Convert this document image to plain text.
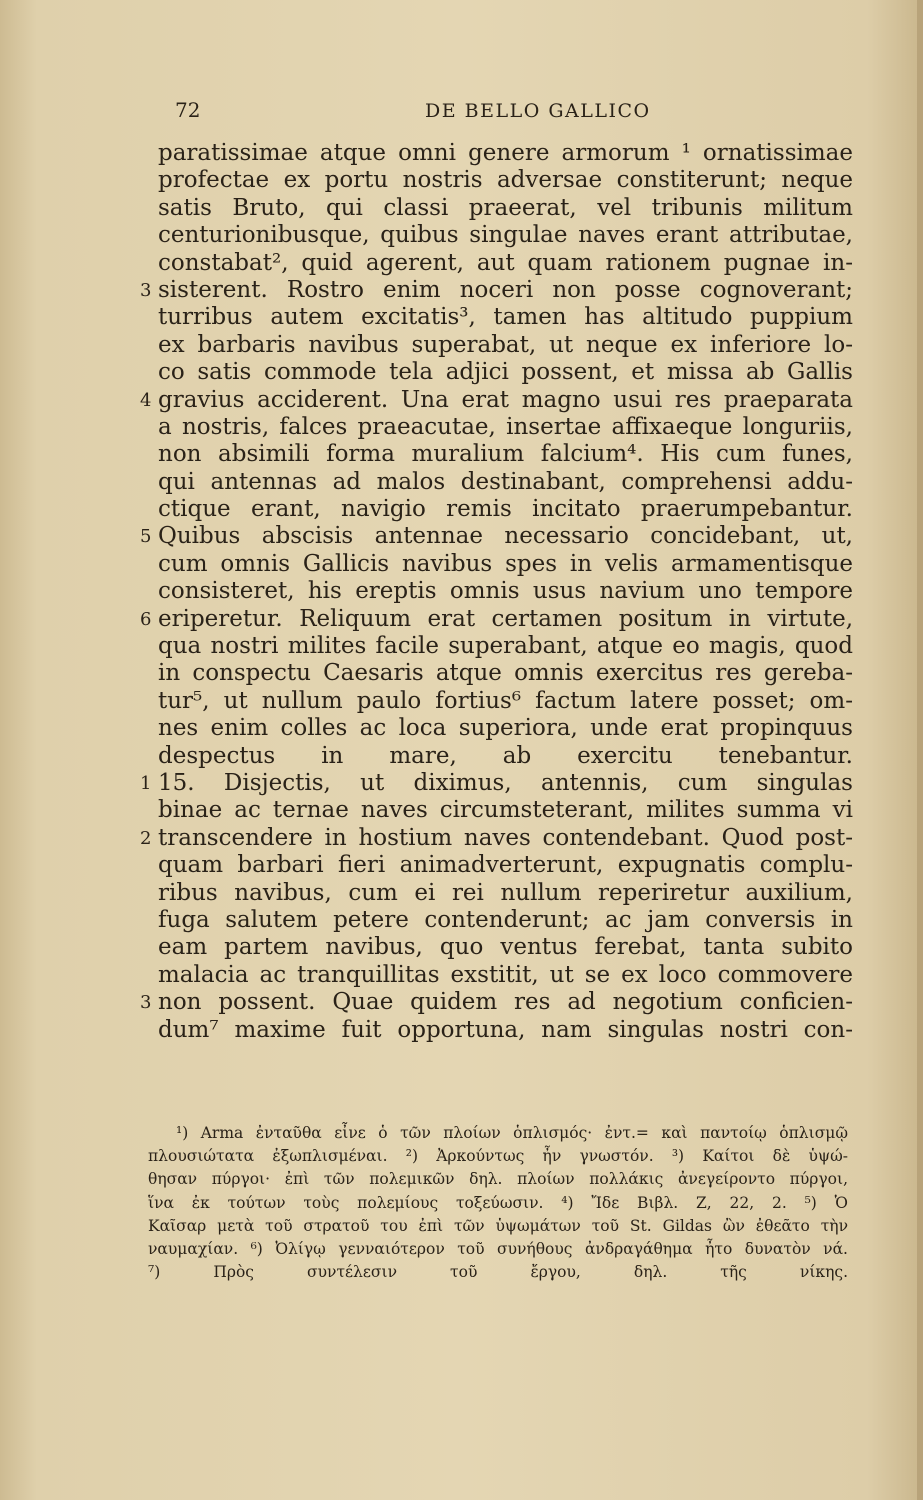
72	DE BELLO GALLICO
paratissimae atque omni genere armorum ¹ ornatissimae
profectae ex portu nostris adversae constiterunt; neque
satis Bruto, qui classi praeerat, vel tribunis militum
centurionibusque, quibus singulae naves erant attributae,
constabat², quid agerent, aut quam rationem pugnae in-
3 sisterent. Rostro enim noceri non posse cognoverant;
turribus autem excitatis³, tamen has altitudo puppium
ex barbaris navibus superabat, ut neque ex inferiore lo-
co satis commode tela adjici possent, et missa ab Gallis
4 gravius acciderent. Una erat magno usui res praeparata
a nostris, falces praeacutae, insertae affixaeque longuriis,
non absimili forma muralium falcium⁴. His cum funes,
qui antennas ad malos destinabant, comprehensi addu-
ctique erant, navigio remis incitato praerumpebantur.
5 Quibus abscisis antennae necessario concidebant, ut,
cum omnis Gallicis navibus spes in velis armamentisque
consisteret, his ereptis omnis usus navium uno tempore
6 eriperetur. Reliquum erat certamen positum in virtute,
qua nostri milites facile superabant, atque eo magis, quod
in conspectu Caesaris atque omnis exercitus res gereba-
tur⁵, ut nullum paulo fortius⁶ factum latere posset; om-
nes enim colles ac loca superiora, unde erat propinquus
despectus in mare, ab exercitu tenebantur.
1 15. Disjectis, ut diximus, antennis, cum singulas
binae ac ternae naves circumsteterant, milites summa vi
2 transcendere in hostium naves contendebant. Quod post-
quam barbari fieri animadverterunt, expugnatis complu-
ribus navibus, cum ei rei nullum reperiretur auxilium,
fuga salutem petere contenderunt; ac jam conversis in
eam partem navibus, quo ventus ferebat, tanta subito
malacia ac tranquillitas exstitit, ut se ex loco commovere
3 non possent. Quae quidem res ad negotium conficien-
dum⁷ maxime fuit opportuna, nam singulas nostri con-
¹) Arma ἐνταῦθα εἶνε ὁ τῶν πλοίων ὁπλισμός· ἐντ.= καὶ παντοίῳ ὁπλισμῷ
πλουσιώτατα ἐξωπλισμέναι. ²) Ἀρκούντως ἦν γνωστόν. ³) Καίτοι δὲ ὑψώ-
θησαν πύργοι· ἐπὶ τῶν πολεμικῶν δηλ. πλοίων πολλάκις ἀνεγείροντο πύργοι,
ἵνα ἐκ τούτων τοὺς πολεμίους τοξεύωσιν. ⁴) Ἴδε Βιβλ. Ζ, 22, 2. ⁵) Ὁ
Καῖσαρ μετὰ τοῦ στρατοῦ του ἐπὶ τῶν ὑψωμάτων τοῦ St. Gildas ὢν ἐθεᾶτο τὴν
ναυμαχίαν. ⁶) Ὀλίγῳ γενναιότερον τοῦ συνήθους ἀνδραγάθημα ἦτο δυνατὸν νά.
⁷) Πρὸς συντέλεσιν τοῦ ἔργου, δηλ. τῆς νίκης.
